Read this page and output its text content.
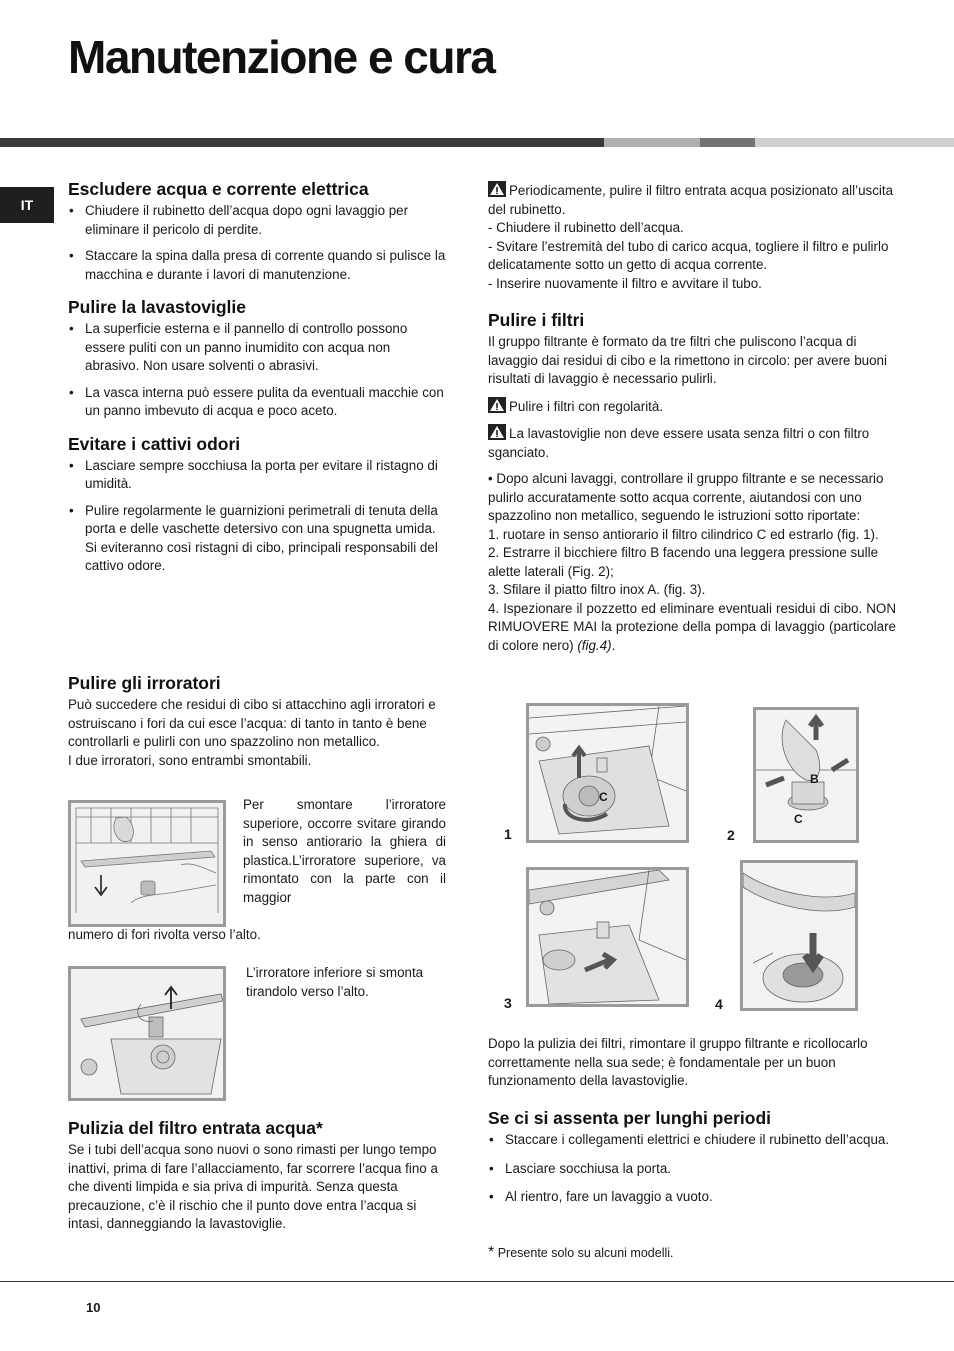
Manutenzione e cura
IT
Escludere acqua e corrente elettrica
• Chiudere il rubinetto dell’acqua dopo ogni lavaggio per eliminare il pericolo di perdite.
• Staccare la spina dalla presa di corrente quando si pulisce la macchina e durante i lavori di manutenzione.
Pulire la lavastoviglie
• La superficie esterna e il pannello di controllo possono essere puliti con un panno inumidito con acqua non abrasivo. Non usare solventi o abrasivi.
• La vasca interna può essere pulita da eventuali macchie con un panno imbevuto di acqua e poco aceto.
Evitare i cattivi odori
• Lasciare sempre socchiusa la porta per evitare il ristagno di umidità.
• Pulire regolarmente le guarnizioni perimetrali di tenuta della porta e delle vaschette detersivo con una spugnetta umida. Si eviteranno così ristagni di cibo, principali responsabili del cattivo odore.
Pulire gli irroratori

Può succedere che residui di cibo si attacchino agli irroratori e ostruiscano i fori da cui esce l’acqua: di tanto in tanto è bene controllarli e pulirli con uno spazzolino non metallico.

I due irroratori, sono entrambi smontabili.

Per smontare l’irroratore superiore, occorre svitare girando in senso antiorario la ghiera di plastica.L’irroratore superiore, va rimontato con la parte con il maggior

numero di fori rivolta verso l’alto.

L’irroratore inferiore si smonta tirandolo verso l’alto.

Pulizia del filtro entrata acqua*

Se i tubi dell’acqua sono nuovi o sono rimasti per lungo tempo inattivi, prima di fare l’allacciamento, far scorrere l’acqua fino a che diventi limpida e sia priva di impurità. Senza questa precauzione, c’è il rischio che il punto dove entra l’acqua si intasi, danneggiando la lavastoviglie.

Periodicamente, pulire il filtro entrata acqua posizionato all’uscita del rubinetto.

- Chiudere il rubinetto dell’acqua.

- Svitare l’estremità del tubo di carico acqua, togliere il filtro e pulirlo delicatamente sotto un getto di acqua corrente.

- Inserire nuovamente il filtro e avvitare il tubo.

Pulire i filtri

Il gruppo filtrante è formato da tre filtri che puliscono l’acqua di lavaggio dai residui di cibo e la rimettono in circolo: per avere buoni risultati di lavaggio è necessario pulirli.

Pulire i filtri con regolarità.

La lavastoviglie non deve essere usata senza filtri o con filtro sganciato.

• Dopo alcuni lavaggi, controllare il gruppo filtrante e se necessario pulirlo accuratamente sotto acqua corrente, aiutandosi con uno spazzolino non metallico, seguendo le istruzioni sotto riportate:

1. ruotare in senso antiorario il filtro cilindrico C ed estrarlo (fig. 1).

2. Estrarre il bicchiere filtro B facendo una leggera pressione sulle alette laterali (Fig. 2);

3. Sfilare il piatto filtro inox A. (fig. 3).

4. Ispezionare il pozzetto ed eliminare eventuali residui di cibo. NON RIMUOVERE MAI la protezione della pompa di lavaggio (particolare di colore nero) (fig.4).

C
1
B
C
2
3	4

Dopo la pulizia dei filtri, rimontare il gruppo filtrante e ricollocarlo correttamente nella sua sede; è fondamentale per un buon funzionamento della lavastoviglie.

Se ci si assenta per lunghi periodi
• Staccare i collegamenti elettrici e chiudere il rubinetto dell’acqua.
• Lasciare socchiusa la porta.
• Al rientro, fare un lavaggio a vuoto.
* Presente solo su alcuni modelli.
10
